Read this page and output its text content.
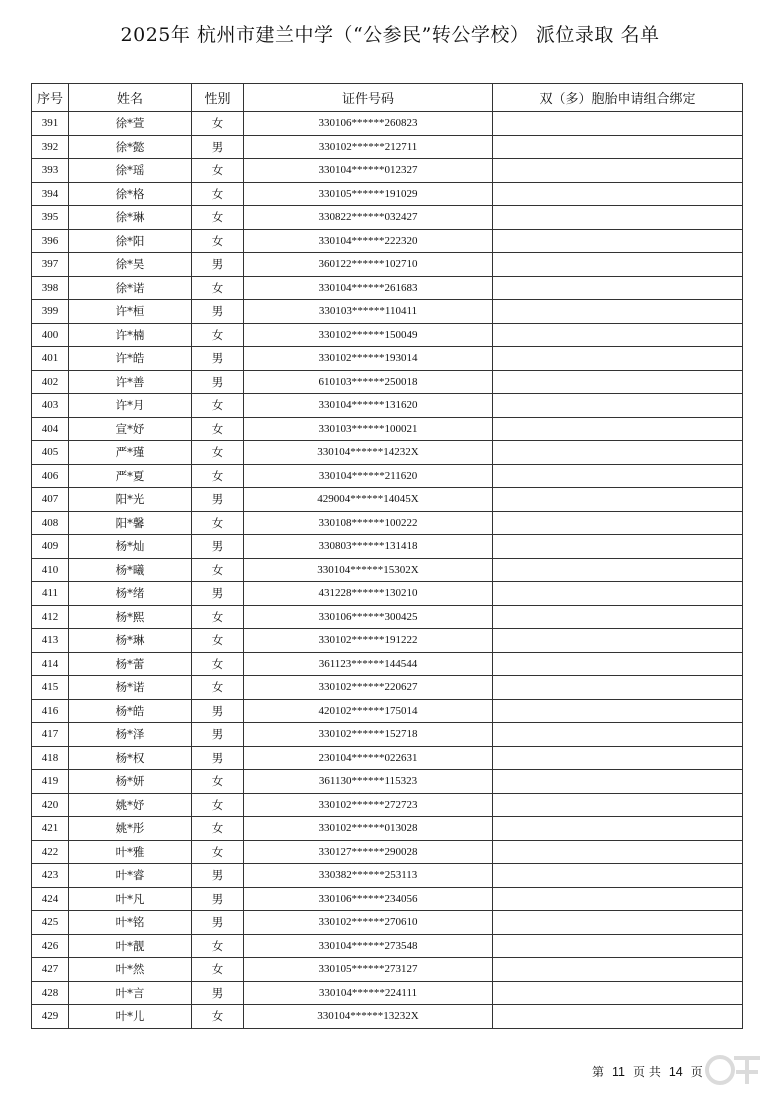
2025年 杭州市建兰中学（“公参民”转公学校） 派位录取 名单
序号	姓名	性别	证件号码	双（多）胞胎申请组合绑定
391	徐*萱	女	330106******260823	
392	徐*懿	男	330102******212711	
393	徐*瑶	女	330104******012327	
394	徐*格	女	330105******191029	
395	徐*琳	女	330822******032427	
396	徐*阳	女	330104******222320	
397	徐*昊	男	360122******102710	
398	徐*诺	女	330104******261683	
399	许*桓	男	330103******110411	
400	许*楠	女	330102******150049	
401	许*皓	男	330102******193014	
402	许*善	男	610103******250018	
403	许*月	女	330104******131620	
404	宣*妤	女	330103******100021	
405	严*瑾	女	330104******14232X	
406	严*夏	女	330104******211620	
407	阳*光	男	429004******14045X	
408	阳*馨	女	330108******100222	
409	杨*灿	男	330803******131418	
410	杨*曦	女	330104******15302X	
411	杨*绪	男	431228******130210	
412	杨*熙	女	330106******300425	
413	杨*琳	女	330102******191222	
414	杨*蕾	女	361123******144544	
415	杨*诺	女	330102******220627	
416	杨*皓	男	420102******175014	
417	杨*泽	男	330102******152718	
418	杨*权	男	230104******022631	
419	杨*妍	女	361130******115323	
420	姚*妤	女	330102******272723	
421	姚*彤	女	330102******013028	
422	叶*雅	女	330127******290028	
423	叶*睿	男	330382******253113	
424	叶*凡	男	330106******234056	
425	叶*铭	男	330102******270610	
426	叶*靓	女	330104******273548	
427	叶*然	女	330105******273127	
428	叶*言	男	330104******224111	
429	叶*儿	女	330104******13232X	
第 11 页 共 14 页
